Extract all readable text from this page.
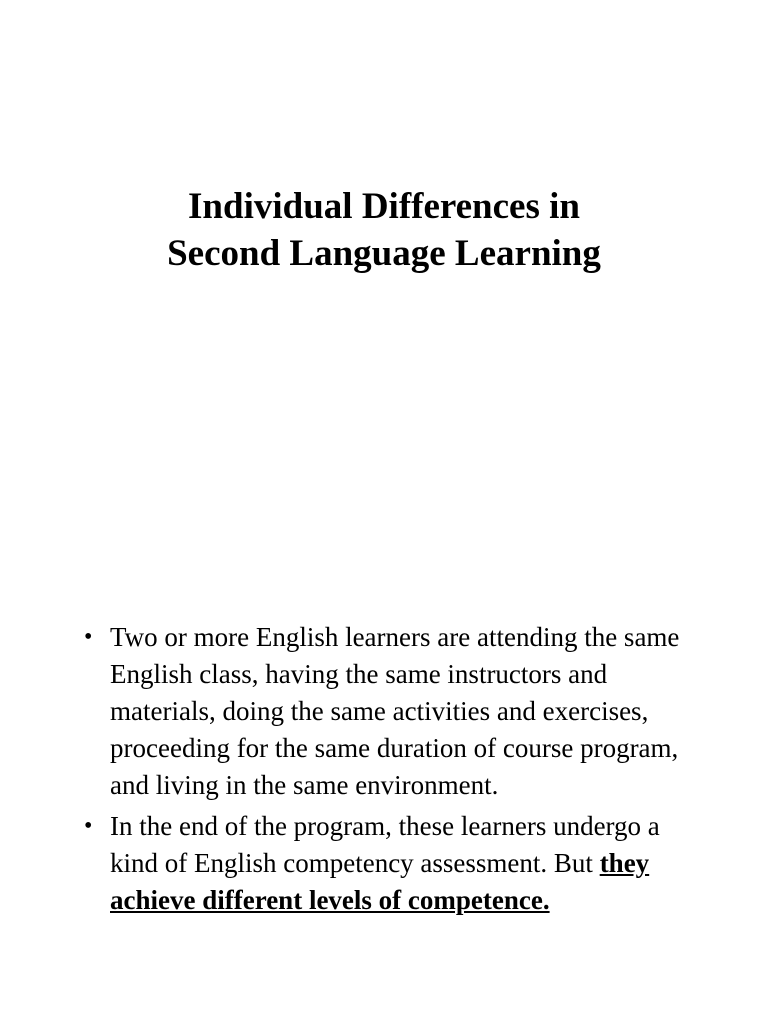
Individual Differences in
Second Language Learning
• Two or more English learners are attending the same English class, having the same instructors and materials, doing the same activities and exercises, proceeding for the same duration of course program, and living in the same environment.
• In the end of the program, these learners undergo a kind of English competency assessment. But they achieve different levels of competence.
